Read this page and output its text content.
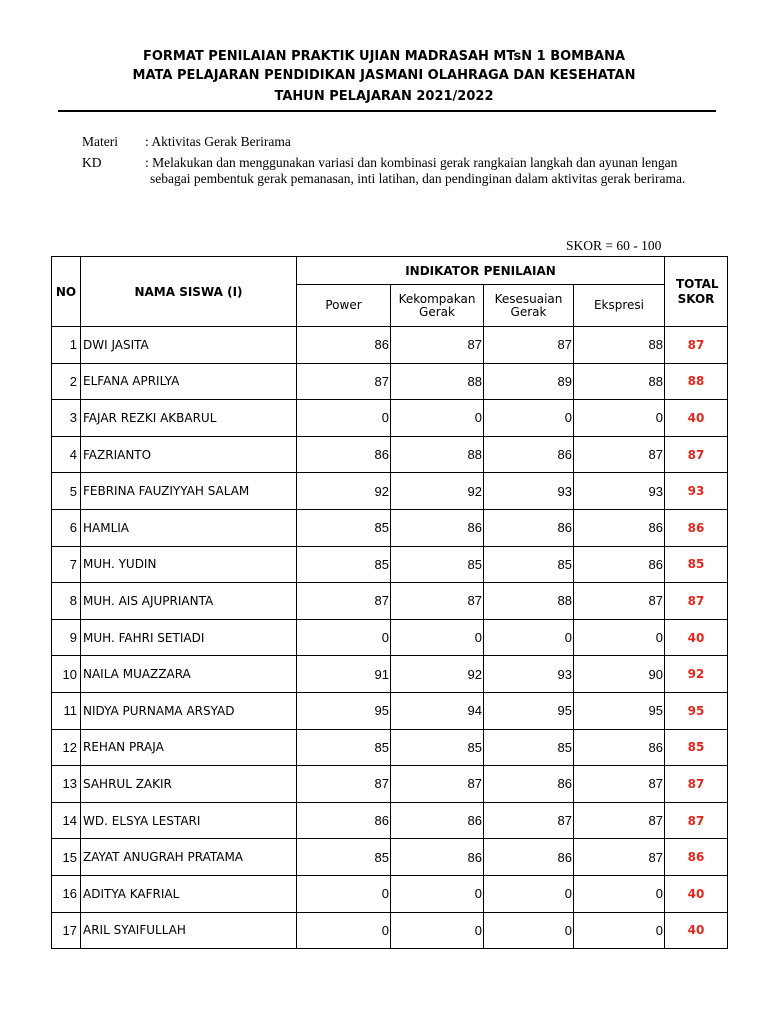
FORMAT PENILAIAN PRAKTIK UJIAN MADRASAH MTsN 1 BOMBANA
MATA PELAJARAN PENDIDIKAN JASMANI OLAHRAGA DAN KESEHATAN
TAHUN PELAJARAN 2021/2022
Materi : Aktivitas Gerak Berirama
KD	: Melakukan dan menggunakan variasi dan kombinasi gerak rangkaian langkah dan ayunan lengan sebagai pembentuk gerak pemanasan, inti latihan, dan pendinginan dalam aktivitas gerak berirama.
SKOR = 60 - 100
NO	NAMA SISWA (I)	INDIKATOR PENILAIAN				TOTAL SKOR
		Power	Kekompakan Gerak	Kesesuaian Gerak	Ekspresi	
1	DWI JASITA	86	87	87	88	87
2	ELFANA APRILYA	87	88	89	88	88
3	FAJAR REZKI AKBARUL	0	0	0	0	40
4	FAZRIANTO	86	88	86	87	87
5	FEBRINA FAUZIYYAH SALAM	92	92	93	93	93
6	HAMLIA	85	86	86	86	86
7	MUH. YUDIN	85	85	85	86	85
8	MUH. AIS AJUPRIANTA	87	87	88	87	87
9	MUH. FAHRI SETIADI	0	0	0	0	40
10	NAILA MUAZZARA	91	92	93	90	92
11	NIDYA PURNAMA ARSYAD	95	94	95	95	95
12	REHAN PRAJA	85	85	85	86	85
13	SAHRUL ZAKIR	87	87	86	87	87
14	WD. ELSYA LESTARI	86	86	87	87	87
15	ZAYAT ANUGRAH PRATAMA	85	86	86	87	86
16	ADITYA KAFRIAL	0	0	0	0	40
17	ARIL SYAIFULLAH	0	0	0	0	40
